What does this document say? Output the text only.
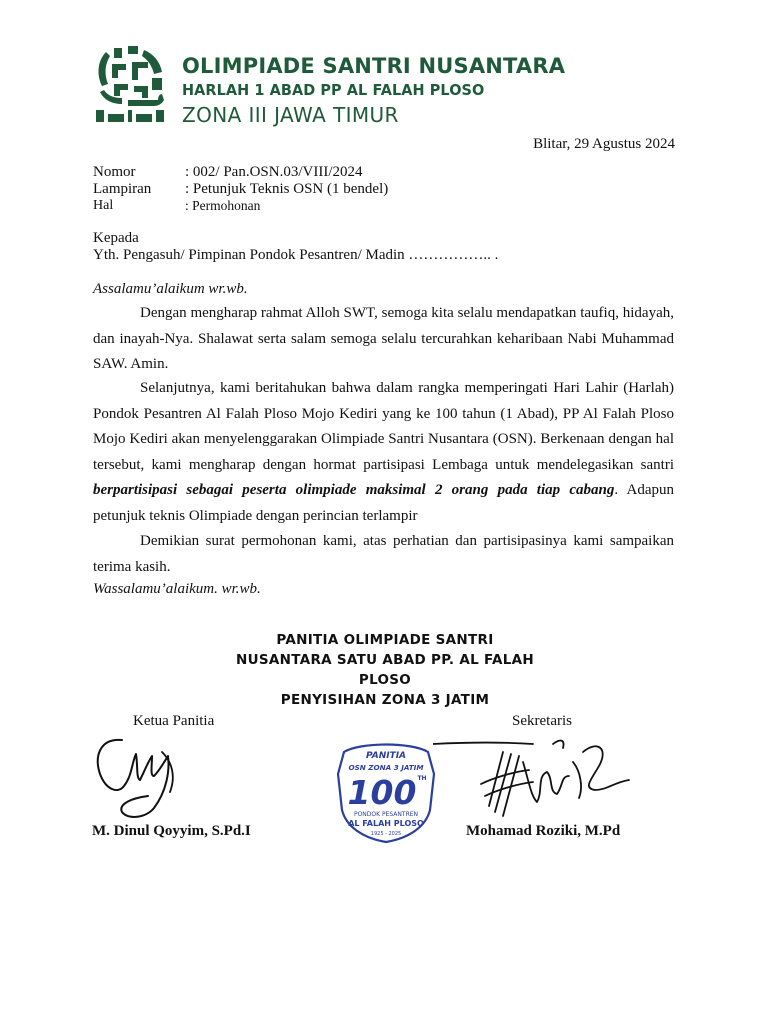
OLIMPIADE SANTRI NUSANTARA
HARLAH 1 ABAD PP AL FALAH PLOSO
ZONA III JAWA TIMUR
Blitar, 29 Agustus 2024
Nomor	: 002/ Pan.OSN.03/VIII/2024
Lampiran : Petunjuk Teknis OSN (1 bendel)
Hal	: Permohonan
Kepada
Yth. Pengasuh/ Pimpinan Pondok Pesantren/ Madin …………….. .
Assalamu’alaikum wr.wb.

Dengan mengharap rahmat Alloh SWT, semoga kita selalu mendapatkan taufiq, hidayah, dan inayah-Nya. Shalawat serta salam semoga selalu tercurahkan keharibaan Nabi Muhammad SAW. Amin.

Selanjutnya, kami beritahukan bahwa dalam rangka memperingati Hari Lahir (Harlah) Pondok Pesantren Al Falah Ploso Mojo Kediri yang ke 100 tahun (1 Abad), PP Al Falah Ploso Mojo Kediri akan menyelenggarakan Olimpiade Santri Nusantara (OSN). Berkenaan dengan hal tersebut, kami mengharap dengan hormat partisipasi Lembaga untuk mendelegasikan santri berpartisipasi sebagai peserta olimpiade maksimal 2 orang pada tiap cabang. Adapun petunjuk teknis Olimpiade dengan perincian terlampir

Demikian surat permohonan kami, atas perhatian dan partisipasinya kami sampaikan terima kasih.

Wassalamu’alaikum. wr.wb.
PANITIA OLIMPIADE SANTRI
NUSANTARA SATU ABAD PP. AL FALAH
PLOSO
PENYISIHAN ZONA 3 JATIM
Ketua Panitia	Sekretaris
PANITIA
OSN ZONA 3 JATIM
100 TH
PONDOK PESANTREN
AL FALAH PLOSO
1925 - 2025
M. Dinul Qoyyim, S.Pd.I	Mohamad Roziki, M.Pd
